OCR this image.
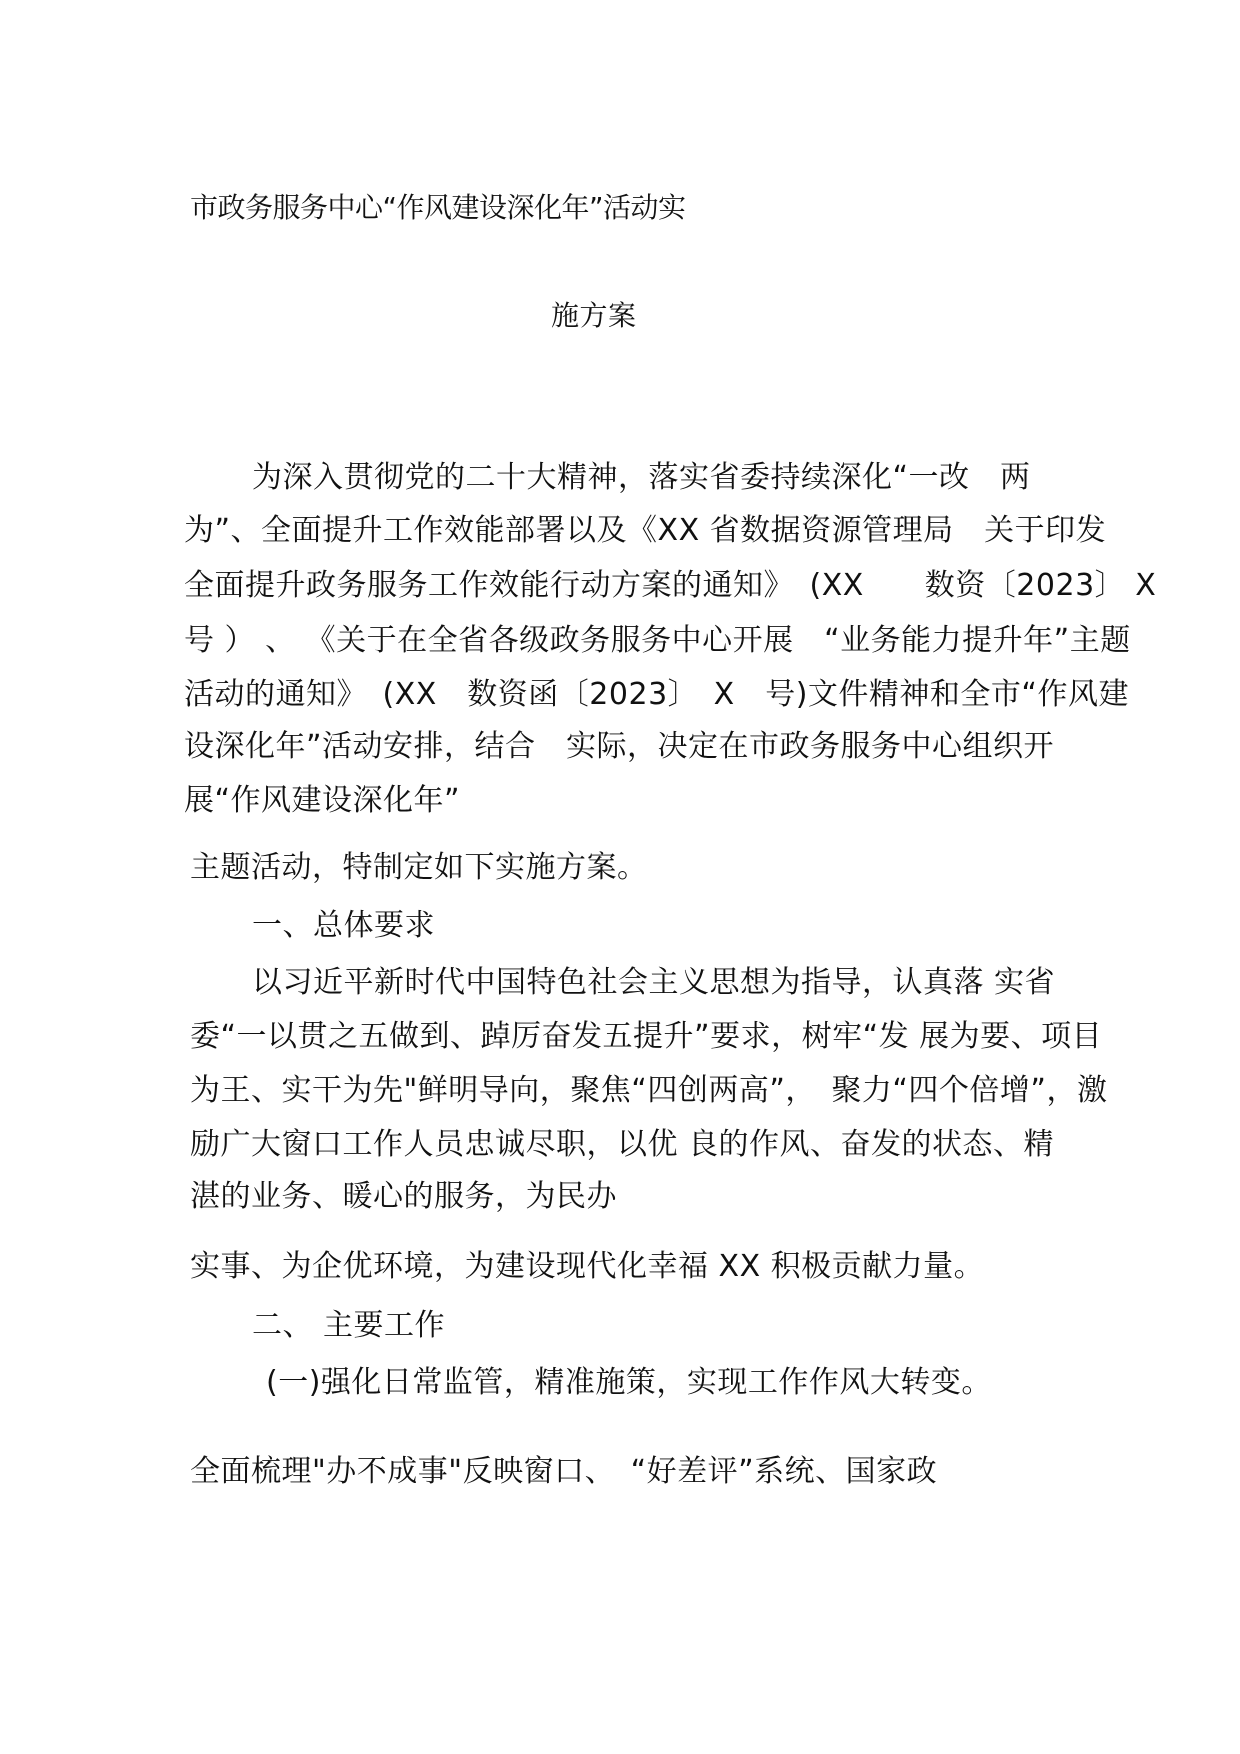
市政务服务中心“作风建设深化年”活动实
施方案
为深入贯彻党的二十大精神，落实省委持续深化“一改　两
为”、全面提升工作效能部署以及《XX 省数据资源管理局　关于印发
全面提升政务服务工作效能行动方案的通知》　(XX　　数资〔2023〕 X
号 ） 、 《关于在全省各级政务服务中心开展　“业务能力提升年”主题
活动的通知》　(XX　数资函〔2023〕　X　号)文件精神和全市“作风建
设深化年”活动安排，结合　实际，决定在市政务服务中心组织开
展“作风建设深化年”
主题活动，特制定如下实施方案。
一、总体要求
以习近平新时代中国特色社会主义思想为指导，认真落 实省
委“一以贯之五做到、踔厉奋发五提升”要求，树牢“发 展为要、项目
为王、实干为先"鲜明导向，聚焦“四创两高”，　聚力“四个倍增”，激
励广大窗口工作人员忠诚尽职，以优 良的作风、奋发的状态、精
湛的业务、暖心的服务，为民办
实事、为企优环境，为建设现代化幸福 XX 积极贡献力量。
二、 主要工作
(一)强化日常监管，精准施策，实现工作作风大转变。
全面梳理"办不成事"反映窗口、　“好差评”系统、国家政
